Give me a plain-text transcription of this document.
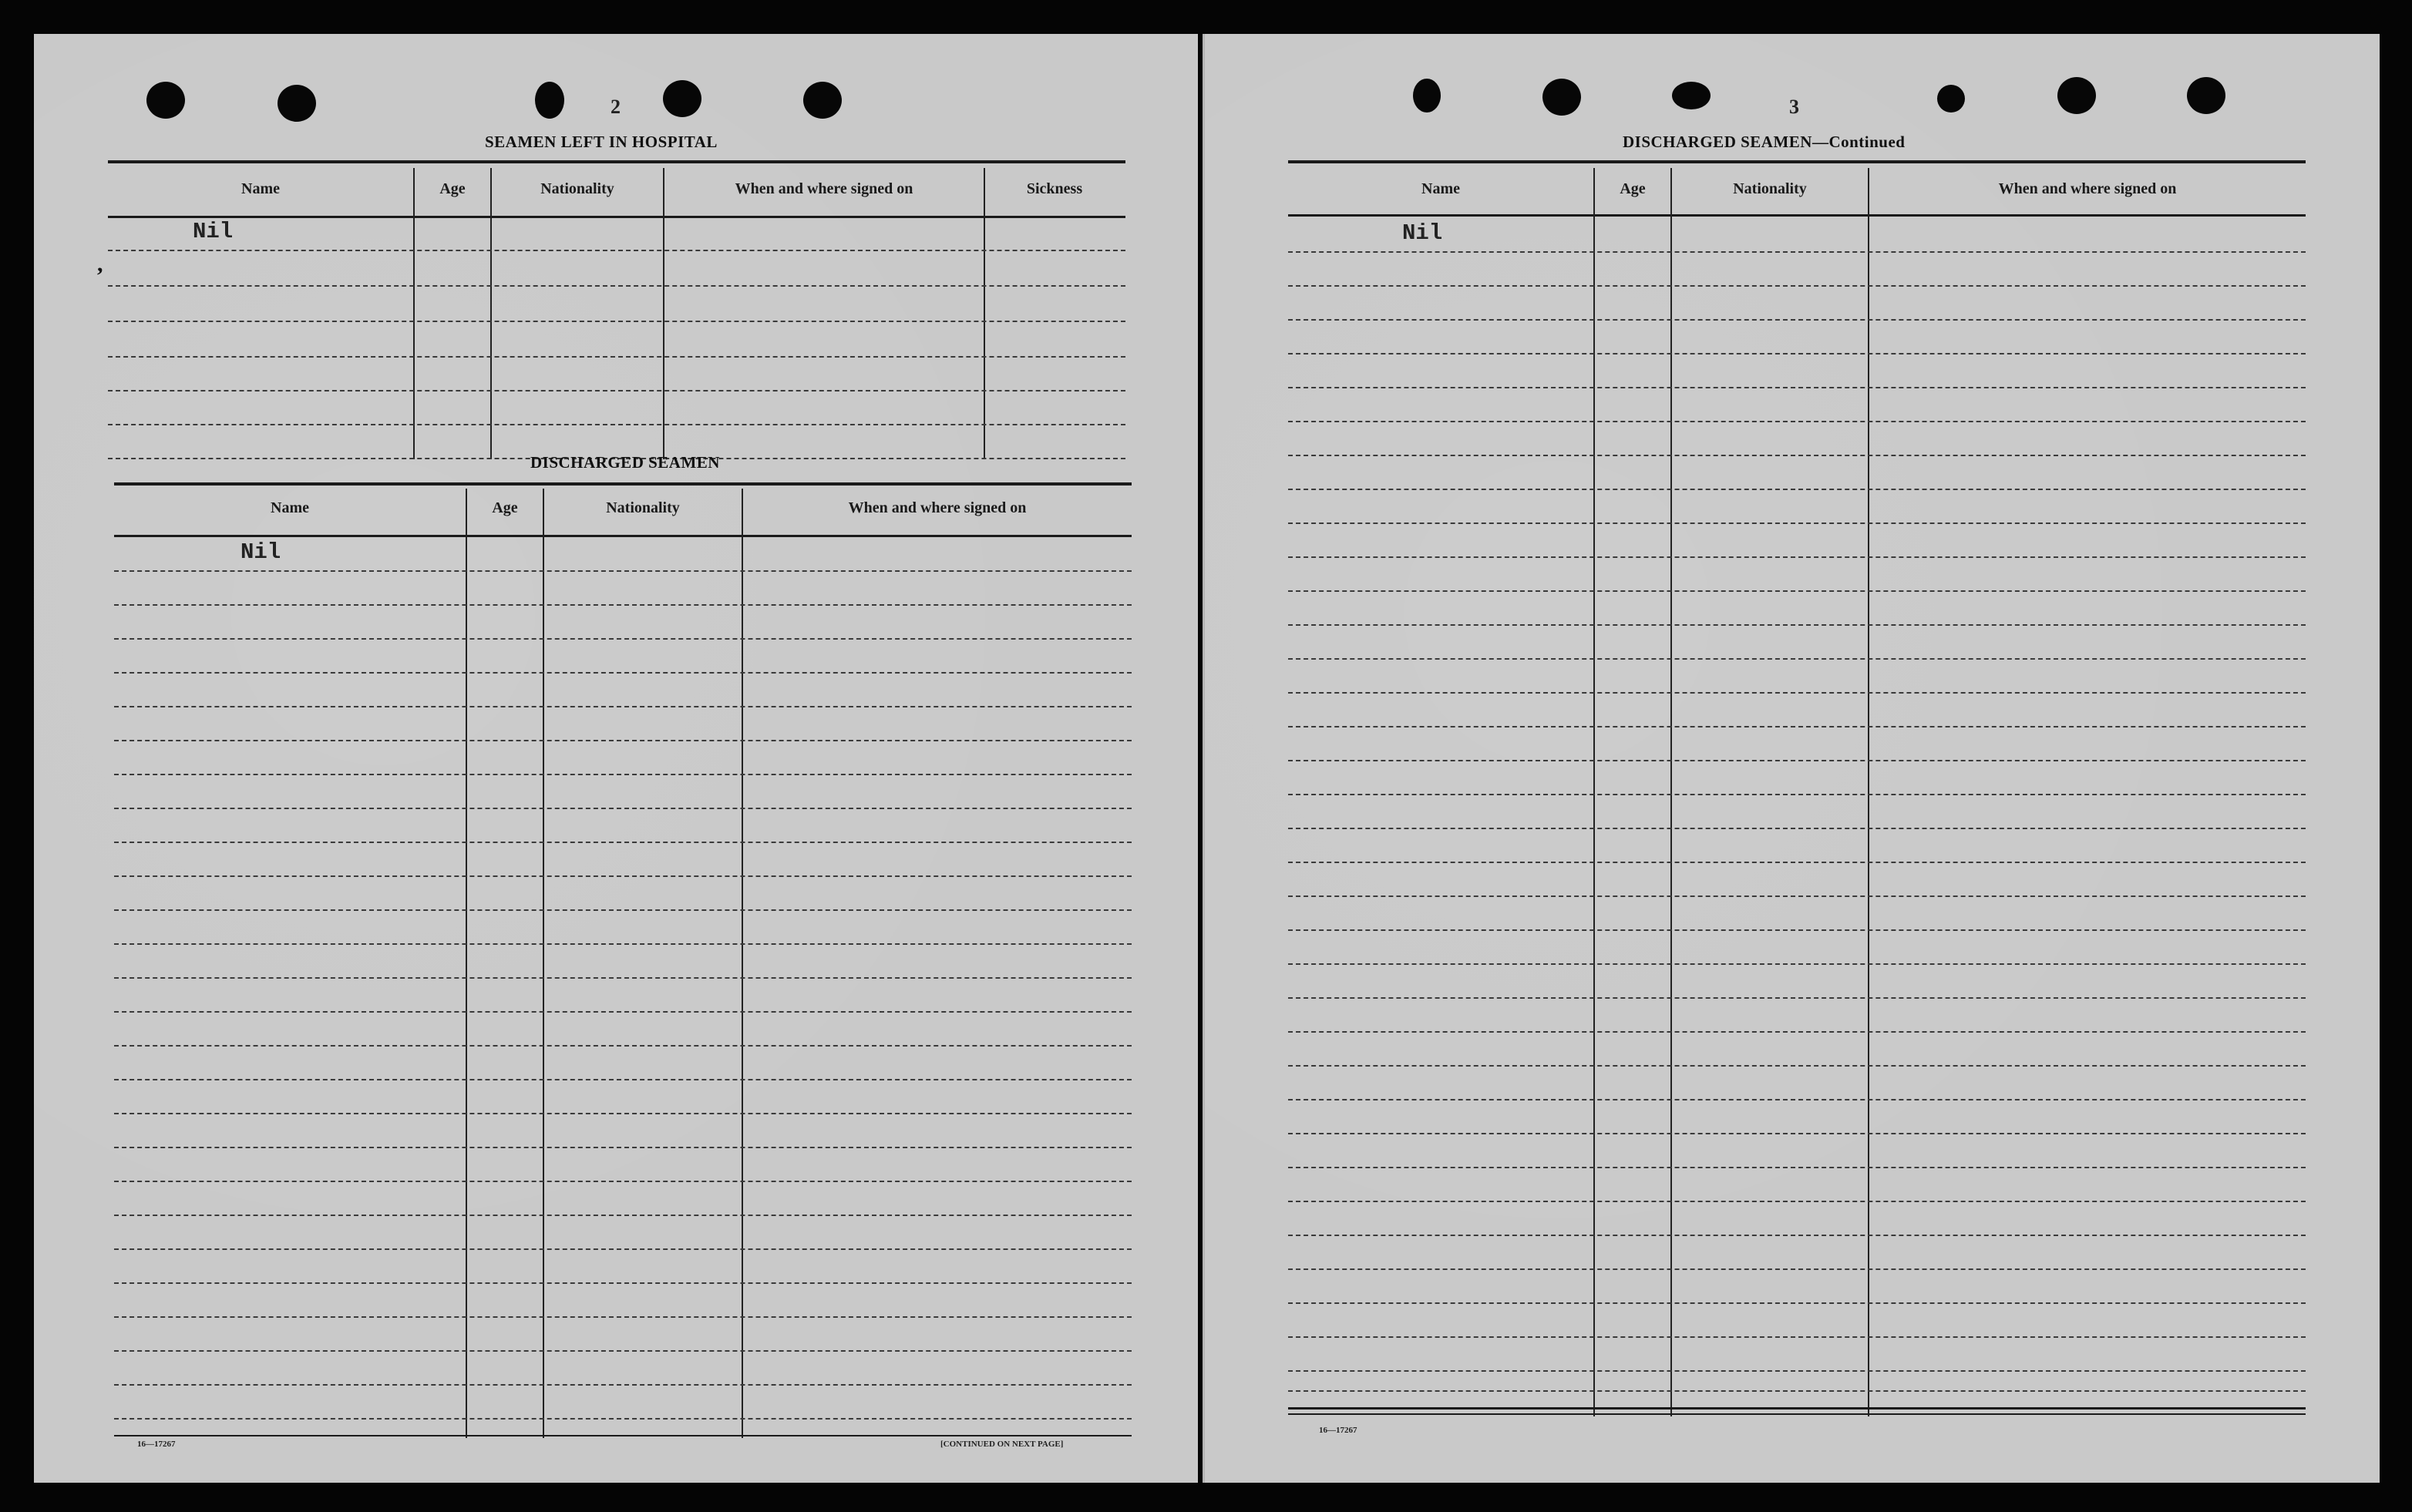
2
SEAMEN LEFT IN HOSPITAL
Name	Age	Nationality	When and where signed on	Sickness
,
Nil
DISCHARGED SEAMEN
Name	Age	Nationality	When and where signed on
Nil
16—17267	[CONTINUED ON NEXT PAGE]
3
DISCHARGED SEAMEN—Continued
Name	Age	Nationality	When and where signed on
Nil
16—17267
